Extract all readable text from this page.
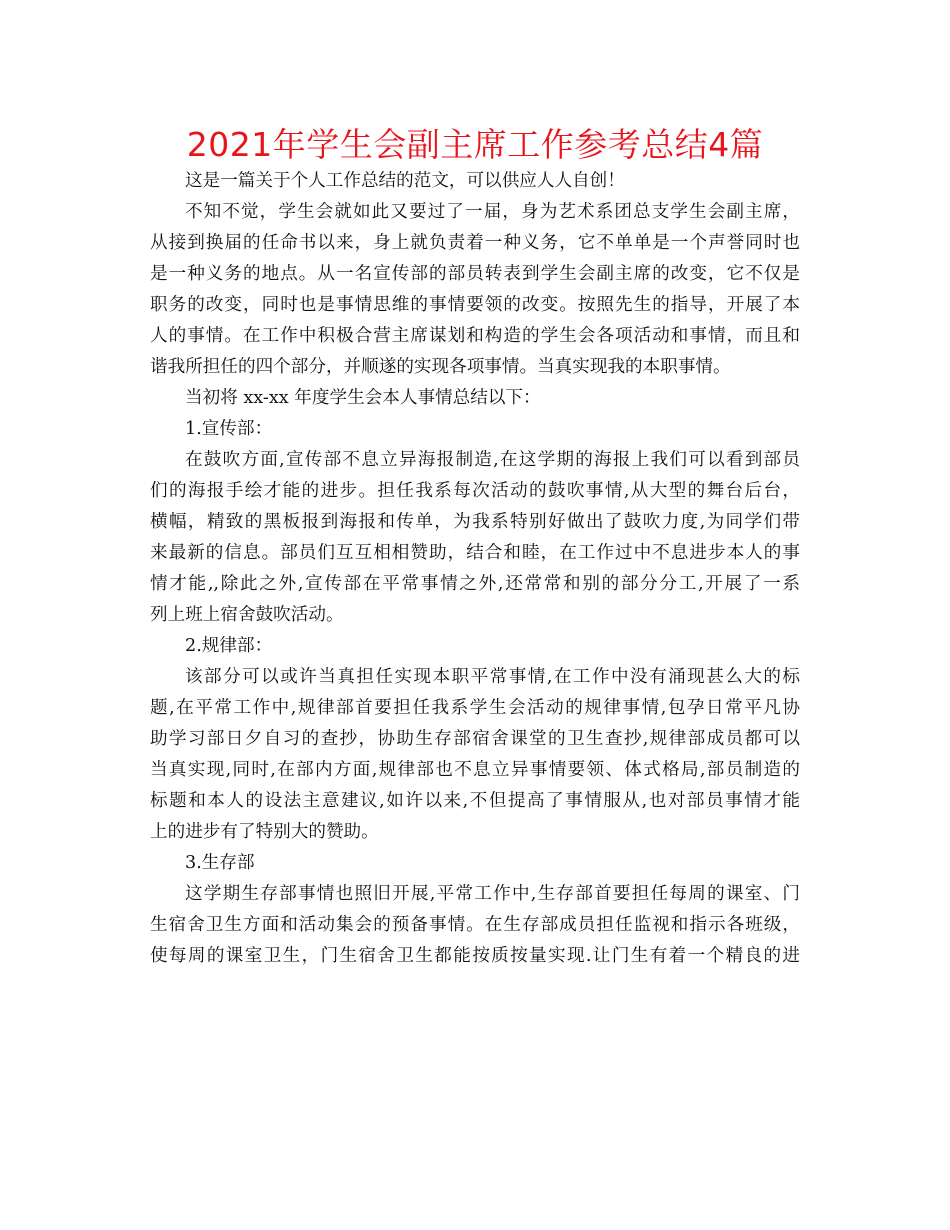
2021年学生会副主席工作参考总结4篇

这是一篇关于个人工作总结的范文，可以供应人人自创！

不知不觉，学生会就如此又要过了一届，身为艺术系团总支学生会副主席，
从接到换届的任命书以来，身上就负责着一种义务，它不单单是一个声誉同时也
是一种义务的地点。从一名宣传部的部员转表到学生会副主席的改变，它不仅是
职务的改变，同时也是事情思维的事情要领的改变。按照先生的指导，开展了本
人的事情。在工作中积极合营主席谋划和构造的学生会各项活动和事情，而且和
谐我所担任的四个部分，并顺遂的实现各项事情。当真实现我的本职事情。

当初将 xx-xx 年度学生会本人事情总结以下：

1.宣传部：

在鼓吹方面,宣传部不息立异海报制造,在这学期的海报上我们可以看到部员
们的海报手绘才能的进步。担任我系每次活动的鼓吹事情,从大型的舞台后台，
横幅，精致的黑板报到海报和传单，为我系特别好做出了鼓吹力度,为同学们带
来最新的信息。部员们互互相相赞助，结合和睦，在工作过中不息进步本人的事
情才能,,除此之外,宣传部在平常事情之外,还常常和别的部分分工,开展了一系
列上班上宿舍鼓吹活动。

2.规律部：

该部分可以或许当真担任实现本职平常事情,在工作中没有涌现甚么大的标
题,在平常工作中,规律部首要担任我系学生会活动的规律事情,包孕日常平凡协
助学习部日夕自习的查抄，协助生存部宿舍课堂的卫生查抄,规律部成员都可以
当真实现,同时,在部内方面,规律部也不息立异事情要领、体式格局,部员制造的
标题和本人的设法主意建议,如许以来,不但提高了事情服从,也对部员事情才能
上的进步有了特别大的赞助。

3.生存部

这学期生存部事情也照旧开展,平常工作中,生存部首要担任每周的课室、门
生宿舍卫生方面和活动集会的预备事情。在生存部成员担任监视和指示各班级，
使每周的课室卫生，门生宿舍卫生都能按质按量实现.让门生有着一个精良的进
